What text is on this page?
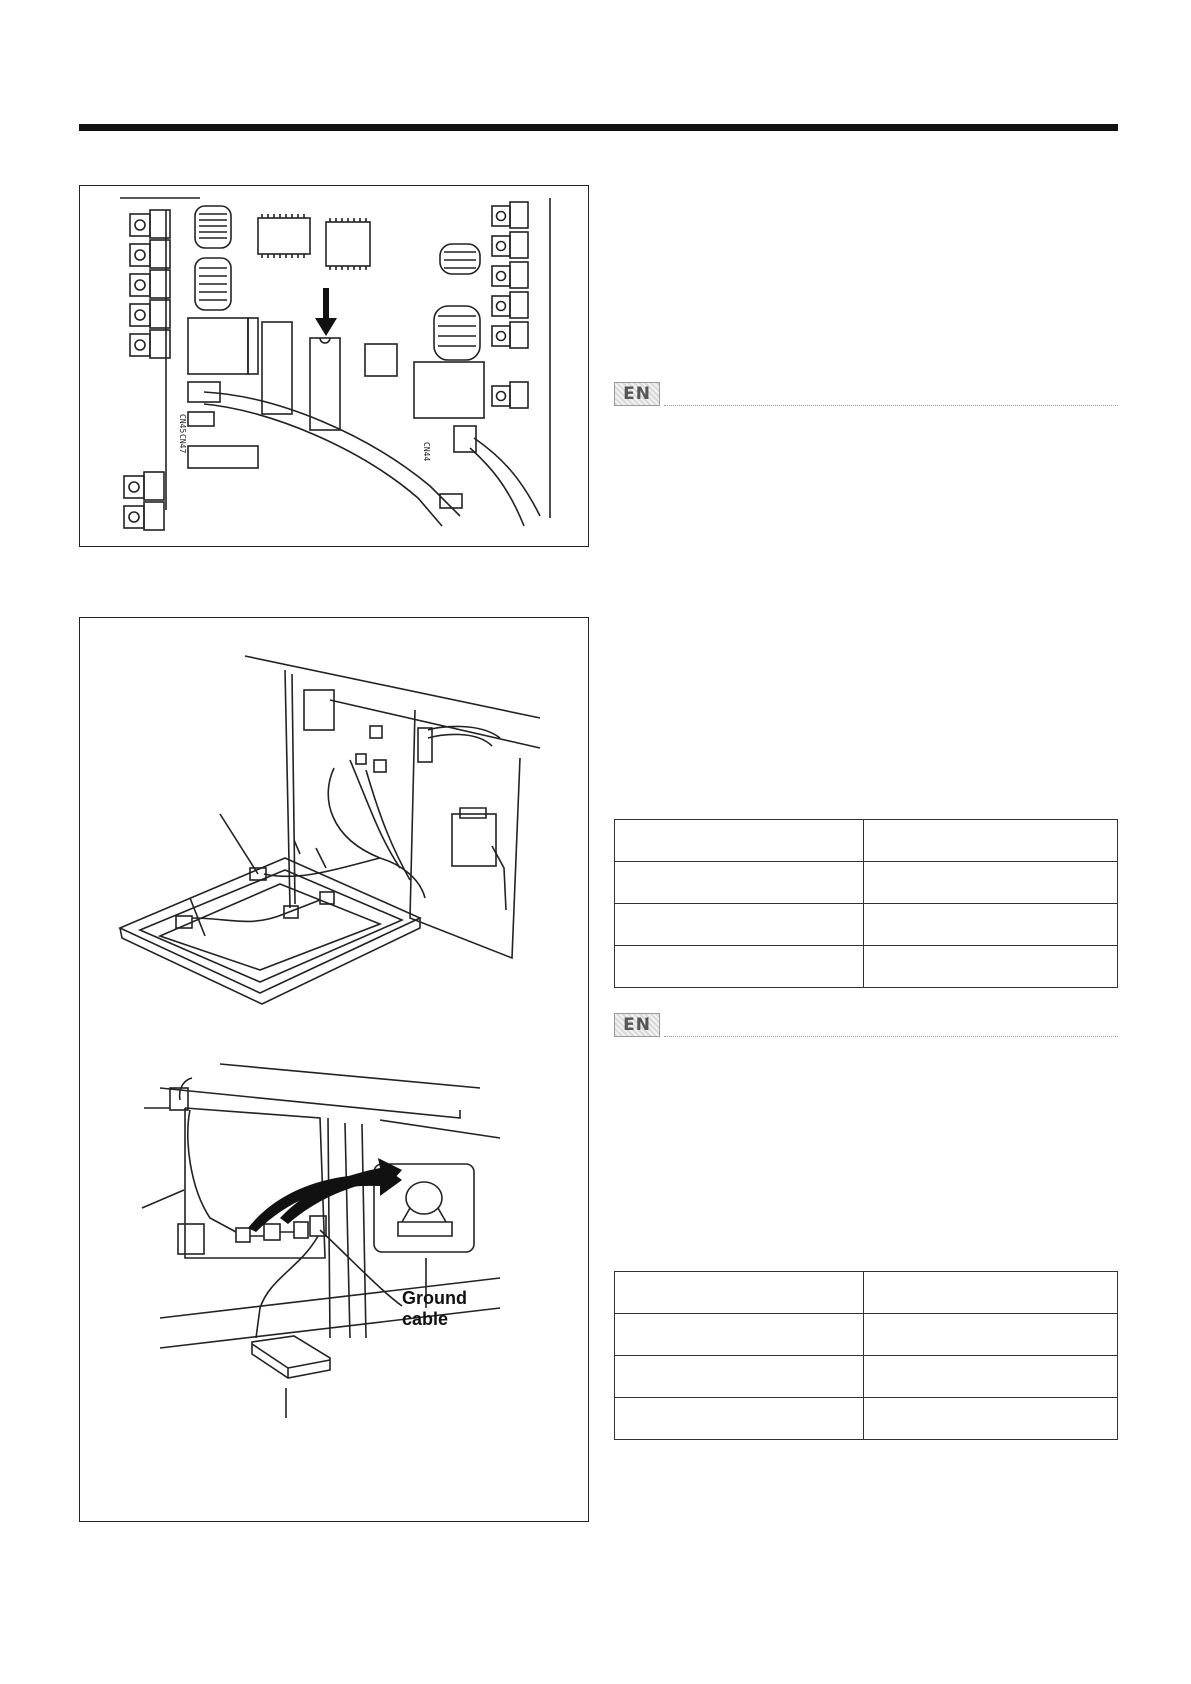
CN45
CN47	CN44
EN
Ground
cable

EN
